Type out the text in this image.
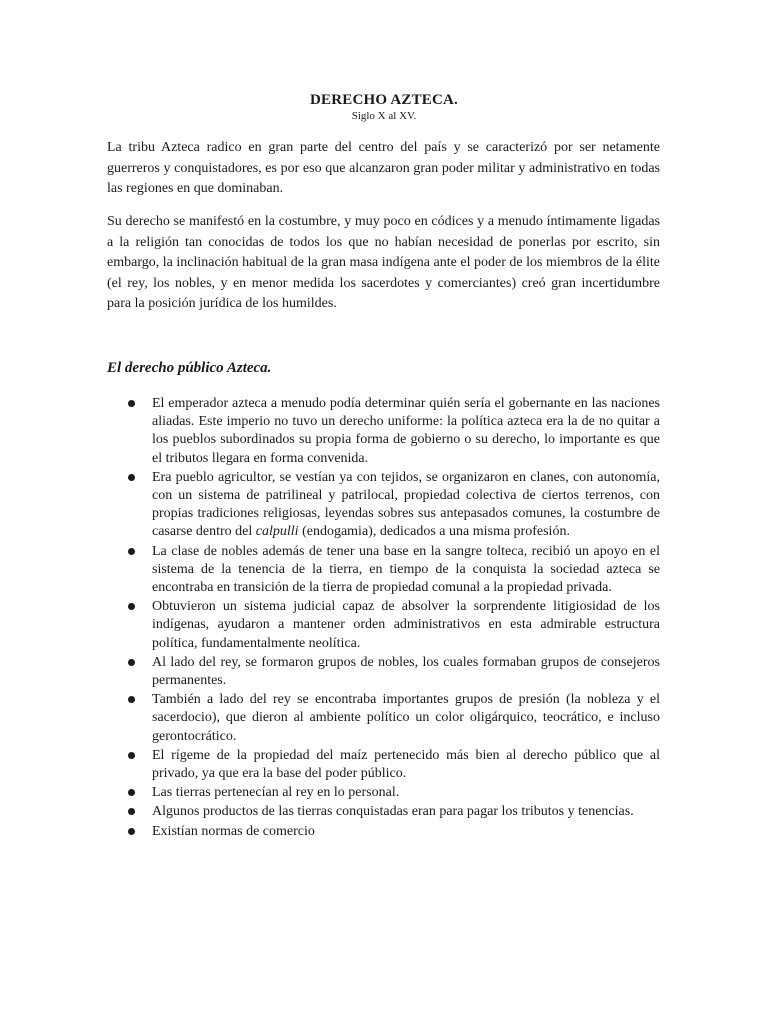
DERECHO AZTECA.
Siglo X al XV.

La tribu Azteca radico en gran parte del centro del país y se caracterizó por ser netamente guerreros y conquistadores, es por eso que alcanzaron gran poder militar y administrativo en todas las regiones en que dominaban.

Su derecho se manifestó en la costumbre, y muy poco en códices y a menudo íntimamente ligadas a la religión tan conocidas de todos los que no habían necesidad de ponerlas por escrito, sin embargo, la inclinación habitual de la gran masa indígena ante el poder de los miembros de la élite (el rey, los nobles, y en menor medida los sacerdotes y comerciantes) creó gran incertidumbre para la posición jurídica de los humildes.

El derecho público Azteca.
El emperador azteca a menudo podía determinar quién sería el gobernante en las naciones aliadas. Este imperio no tuvo un derecho uniforme: la política azteca era la de no quitar a los pueblos subordinados su propia forma de gobierno o su derecho, lo importante es que el tributos llegara en forma convenida.
Era pueblo agricultor, se vestían ya con tejidos, se organizaron en clanes, con autonomía, con un sistema de patrilineal y patrilocal, propiedad colectiva de ciertos terrenos, con propias tradiciones religiosas, leyendas sobres sus antepasados comunes, la costumbre de casarse dentro del calpulli (endogamia), dedicados a una misma profesión.
La clase de nobles además de tener una base en la sangre tolteca, recibió un apoyo en el sistema de la tenencia de la tierra, en tiempo de la conquista la sociedad azteca se encontraba en transición de la tierra de propiedad comunal a la propiedad privada.
Obtuvieron un sistema judicial capaz de absolver la sorprendente litigiosidad de los indígenas, ayudaron a mantener orden administrativos en esta admirable estructura política, fundamentalmente neolítica.
Al lado del rey, se formaron grupos de nobles, los cuales formaban grupos de consejeros permanentes.
También a lado del rey se encontraba importantes grupos de presión (la nobleza y el sacerdocio), que dieron al ambiente político un color oligárquico, teocrático, e incluso gerontocrático.
El rígeme de la propiedad del maíz pertenecido más bien al derecho público que al privado, ya que era la base del poder público.
Las tierras pertenecían al rey en lo personal.
Algunos productos de las tierras conquistadas eran para pagar los tributos y tenencias.
Existían normas de comercio
